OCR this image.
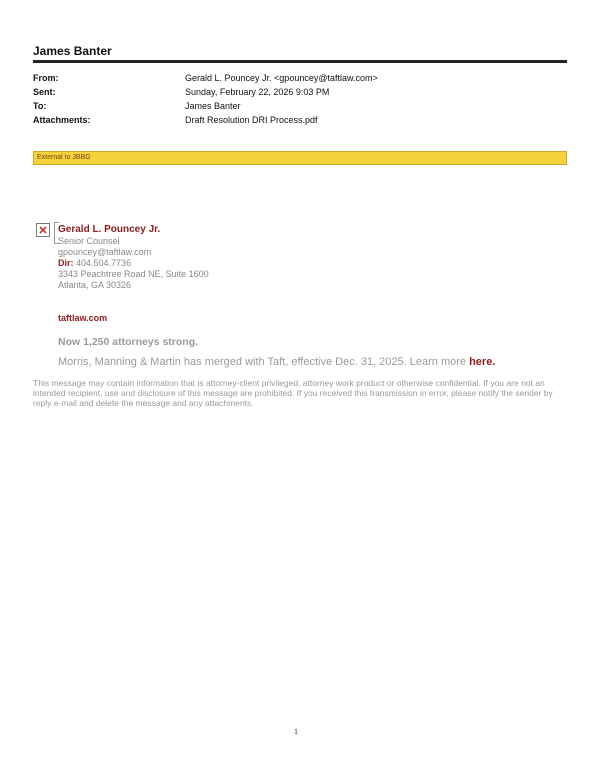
James Banter
From:	Gerald L. Pouncey Jr. <gpouncey@taftlaw.com>
Sent:	Sunday, February 22, 2026 9:03 PM
To:	James Banter
Attachments:	Draft Resolution DRI Process.pdf
External to JBBG
Gerald L. Pouncey Jr.
Senior Counsel
gpouncey@taftlaw.com
Dir: 404.504.7736
3343 Peachtree Road NE, Suite 1600
Atlanta, GA 30326
taftlaw.com
Now 1,250 attorneys strong.
Morris, Manning & Martin has merged with Taft, effective Dec. 31, 2025. Learn more here.
This message may contain information that is attorney-client privileged, attorney work product or otherwise confidential. If you are not an intended recipient, use and disclosure of this message are prohibited. If you received this transmission in error, please notify the sender by reply e-mail and delete the message and any attachments.
1
